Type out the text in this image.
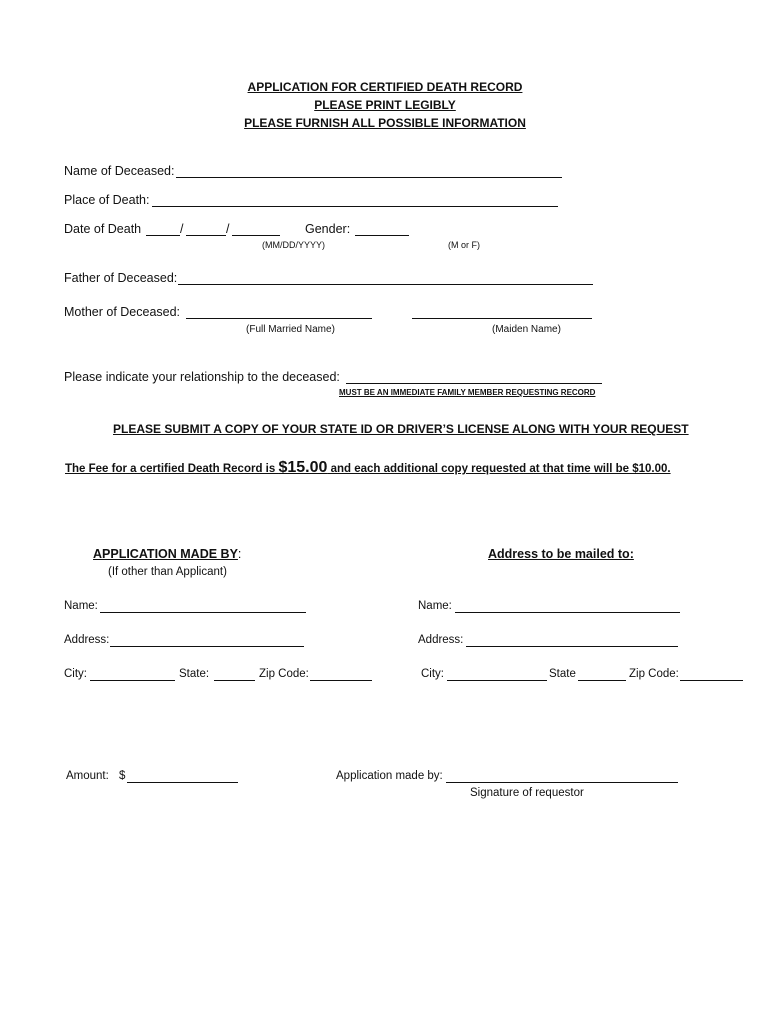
APPLICATION FOR CERTIFIED DEATH RECORD
PLEASE PRINT LEGIBLY
PLEASE FURNISH ALL POSSIBLE INFORMATION
Name of Deceased:
Place of Death:
Date of Death	/	/	Gender:
(MM/DD/YYYY)	(M or F)
Father of Deceased:
Mother of Deceased:
(Full Married Name)	(Maiden Name)
Please indicate your relationship to the deceased:
MUST BE AN IMMEDIATE FAMILY MEMBER REQUESTING RECORD
PLEASE SUBMIT A COPY OF YOUR STATE ID OR DRIVER’S LICENSE ALONG WITH YOUR REQUEST
The Fee for a certified Death Record is $15.00 and each additional copy requested at that time will be $10.00.
APPLICATION MADE BY:
(If other than Applicant)
Address to be mailed to:
Name:	Name:
Address:	Address:
City:	State:	Zip Code:	City:	State	Zip Code:
Amount: $	Application made by:
Signature of requestor
